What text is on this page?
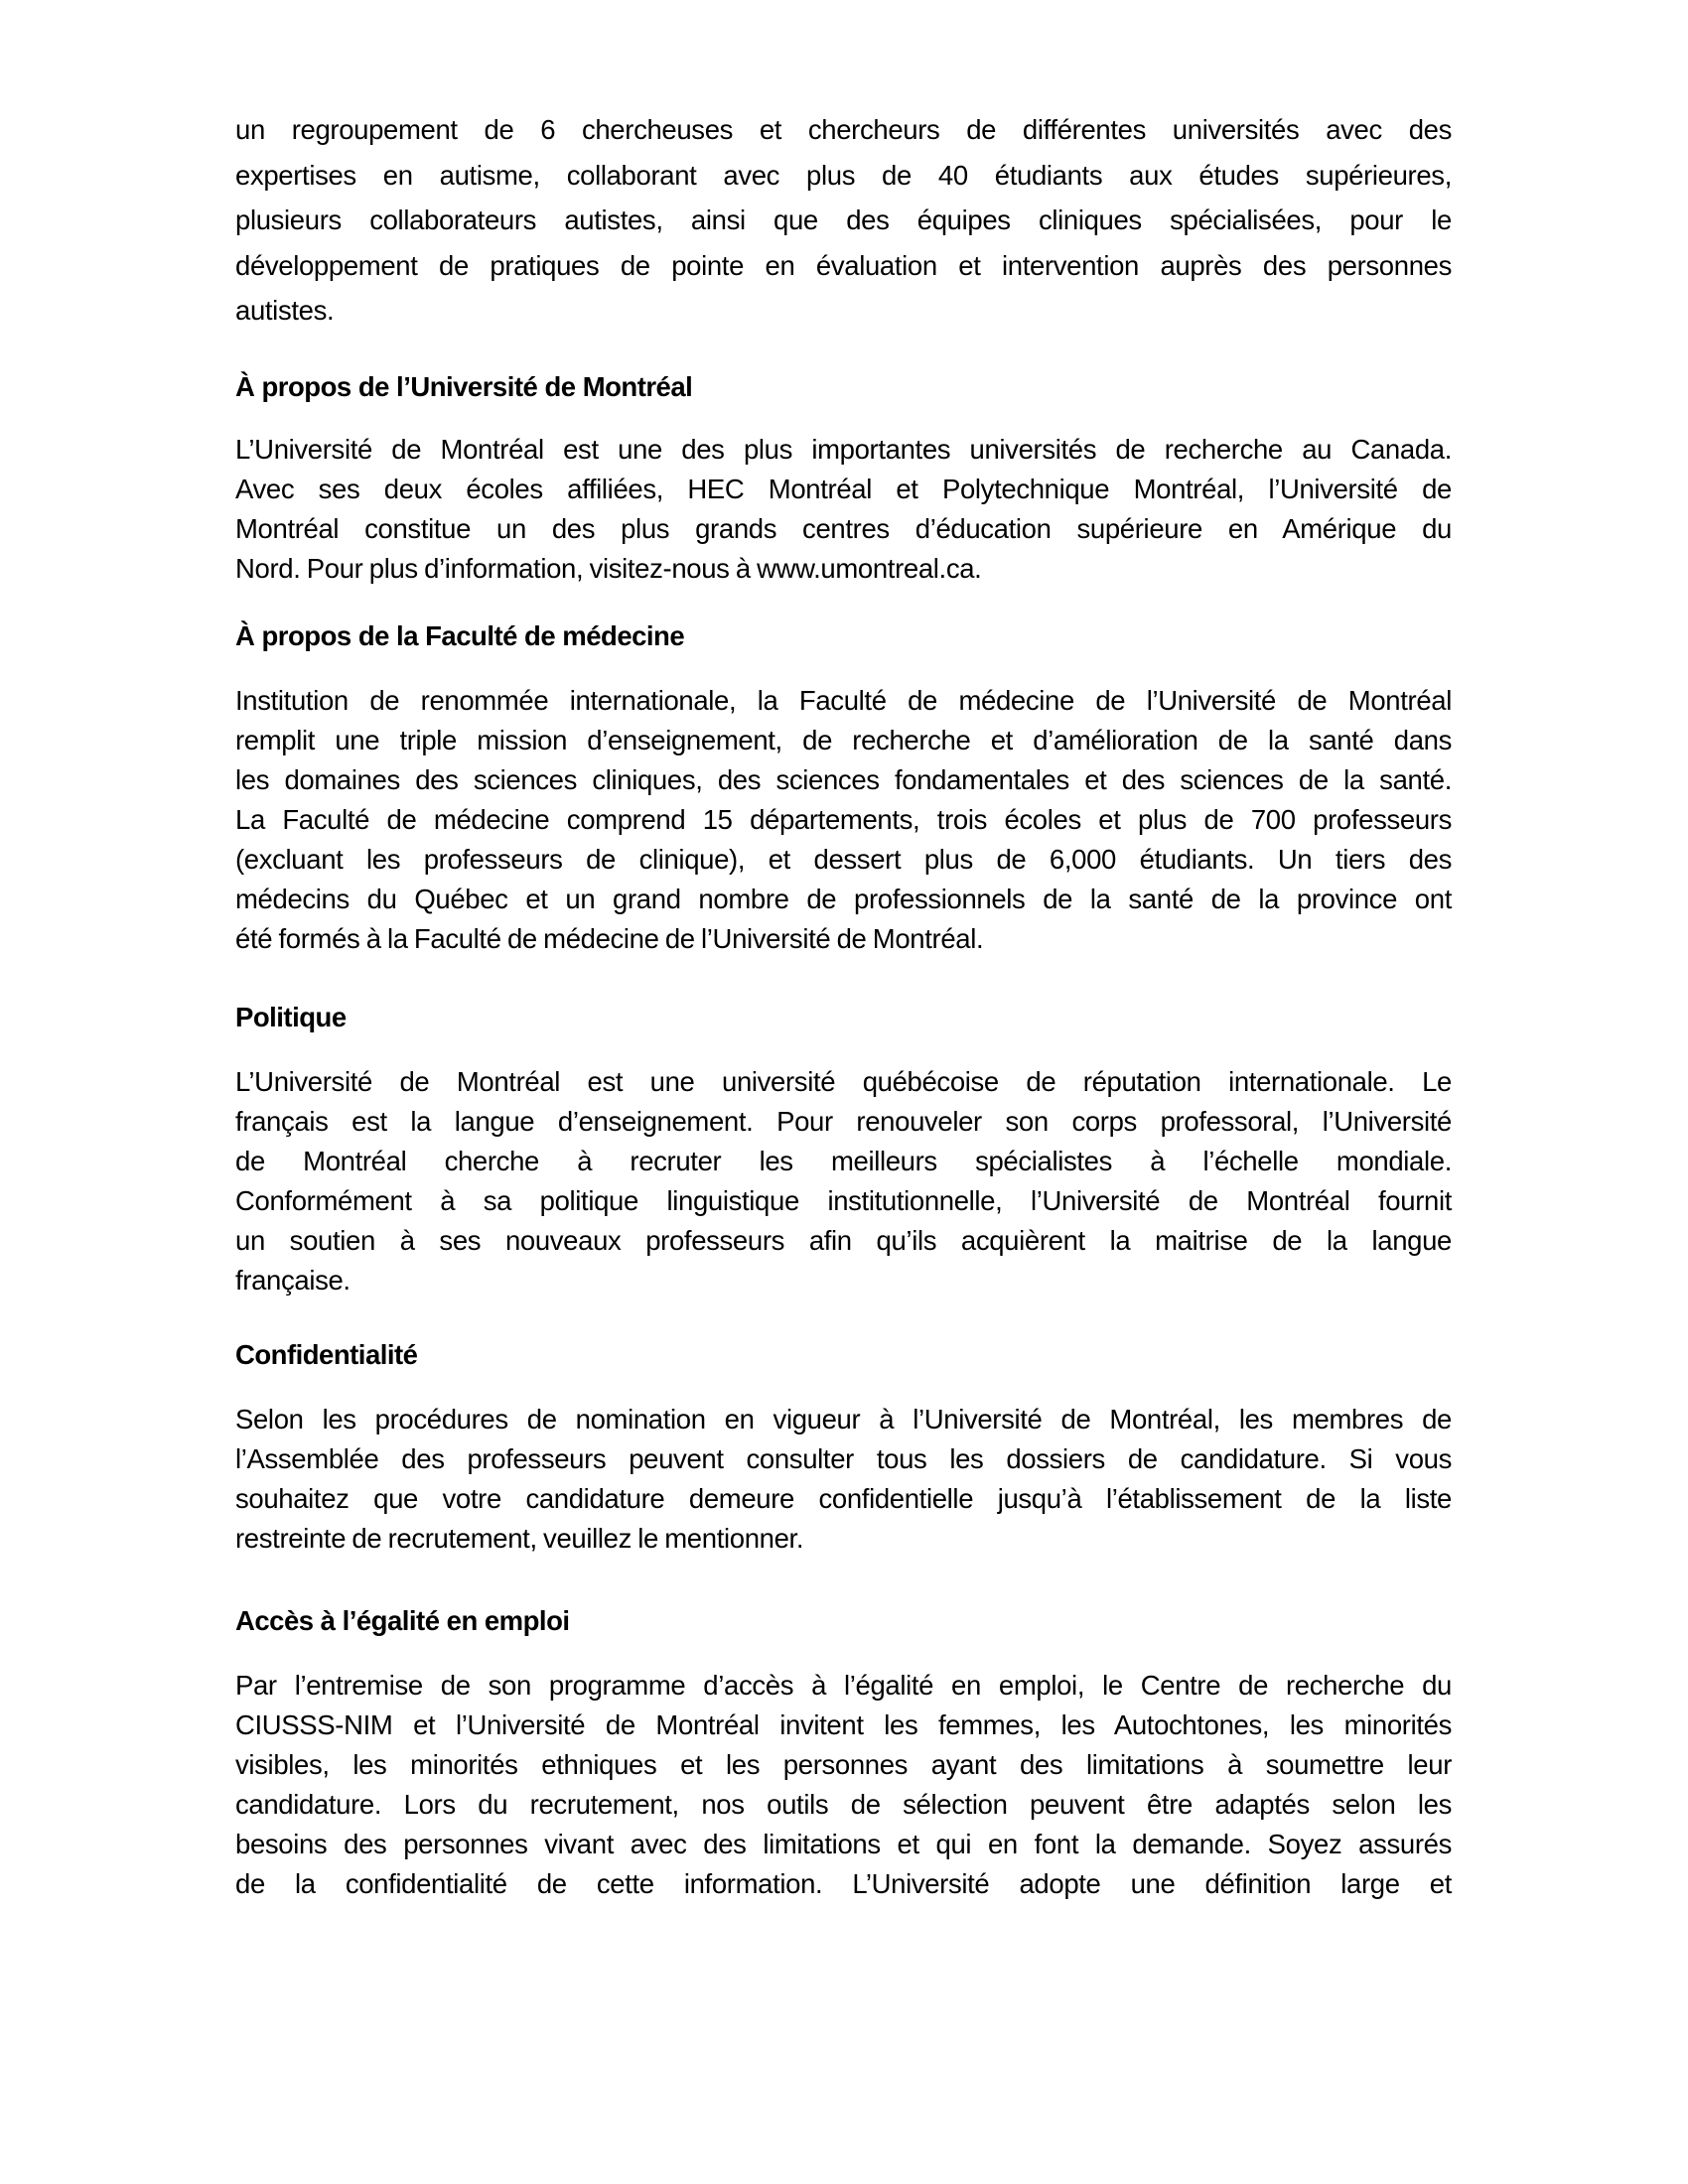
un regroupement de 6 chercheuses et chercheurs de différentes universités avec des
expertises en autisme, collaborant avec plus de 40 étudiants aux études supérieures,
plusieurs collaborateurs autistes, ainsi que des équipes cliniques spécialisées, pour le
développement de pratiques de pointe en évaluation et intervention auprès des personnes
autistes.
À propos de l’Université de Montréal
L’Université de Montréal est une des plus importantes universités de recherche au Canada.
Avec ses deux écoles affiliées, HEC Montréal et Polytechnique Montréal, l’Université de
Montréal constitue un des plus grands centres d’éducation supérieure en Amérique du
Nord. Pour plus d’information, visitez-nous à www.umontreal.ca.
À propos de la Faculté de médecine
Institution de renommée internationale, la Faculté de médecine de l’Université de Montréal
remplit une triple mission d’enseignement, de recherche et d’amélioration de la santé dans
les domaines des sciences cliniques, des sciences fondamentales et des sciences de la santé.
La Faculté de médecine comprend 15 départements, trois écoles et plus de 700 professeurs
(excluant les professeurs de clinique), et dessert plus de 6,000 étudiants. Un tiers des
médecins du Québec et un grand nombre de professionnels de la santé de la province ont
été formés à la Faculté de médecine de l’Université de Montréal.
Politique
L’Université de Montréal est une université québécoise de réputation internationale. Le
français est la langue d’enseignement. Pour renouveler son corps professoral, l’Université
de Montréal cherche à recruter les meilleurs spécialistes à l’échelle mondiale.
Conformément à sa politique linguistique institutionnelle, l’Université de Montréal fournit
un soutien à ses nouveaux professeurs afin qu’ils acquièrent la maitrise de la langue
française.
Confidentialité
Selon les procédures de nomination en vigueur à l’Université de Montréal, les membres de
l’Assemblée des professeurs peuvent consulter tous les dossiers de candidature. Si vous
souhaitez que votre candidature demeure confidentielle jusqu’à l’établissement de la liste
restreinte de recrutement, veuillez le mentionner.
Accès à l’égalité en emploi
Par l’entremise de son programme d’accès à l’égalité en emploi, le Centre de recherche du
CIUSSS-NIM et l’Université de Montréal invitent les femmes, les Autochtones, les minorités
visibles, les minorités ethniques et les personnes ayant des limitations à soumettre leur
candidature. Lors du recrutement, nos outils de sélection peuvent être adaptés selon les
besoins des personnes vivant avec des limitations et qui en font la demande. Soyez assurés
de la confidentialité de cette information. L’Université adopte une définition large et
